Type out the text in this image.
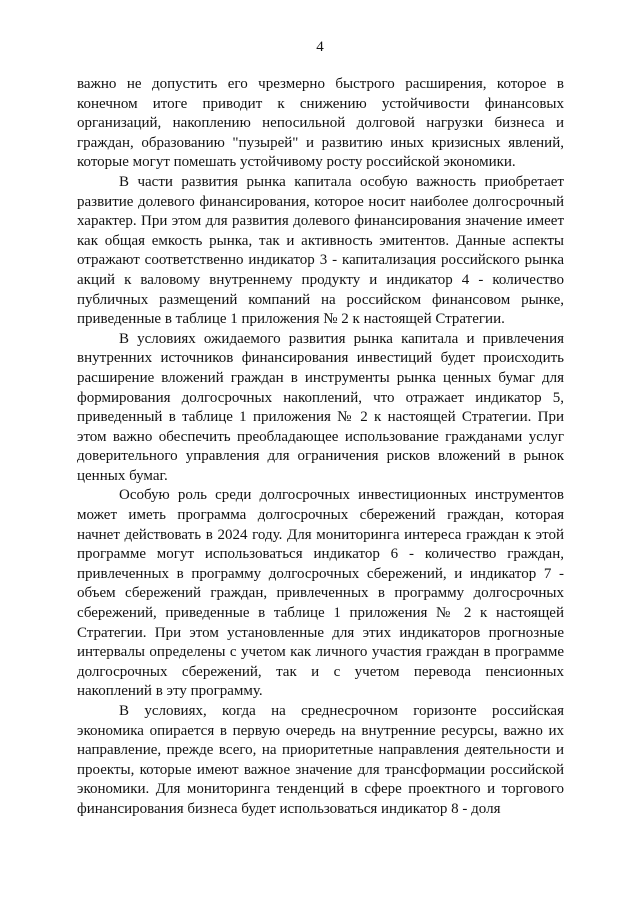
4

важно не допустить его чрезмерно быстрого расширения, которое в конечном итоге приводит к снижению устойчивости финансовых организаций, накоплению непосильной долговой нагрузки бизнеса и граждан, образованию "пузырей" и развитию иных кризисных явлений, которые могут помешать устойчивому росту российской экономики.

В части развития рынка капитала особую важность приобретает развитие долевого финансирования, которое носит наиболее долгосрочный характер. При этом для развития долевого финансирования значение имеет как общая емкость рынка, так и активность эмитентов. Данные аспекты отражают соответственно индикатор 3 - капитализация российского рынка акций к валовому внутреннему продукту и индикатор 4 - количество публичных размещений компаний на российском финансовом рынке, приведенные в таблице 1 приложения № 2 к настоящей Стратегии.

В условиях ожидаемого развития рынка капитала и привлечения внутренних источников финансирования инвестиций будет происходить расширение вложений граждан в инструменты рынка ценных бумаг для формирования долгосрочных накоплений, что отражает индикатор 5, приведенный в таблице 1 приложения № 2 к настоящей Стратегии. При этом важно обеспечить преобладающее использование гражданами услуг доверительного управления для ограничения рисков вложений в рынок ценных бумаг.

Особую роль среди долгосрочных инвестиционных инструментов может иметь программа долгосрочных сбережений граждан, которая начнет действовать в 2024 году. Для мониторинга интереса граждан к этой программе могут использоваться индикатор 6 - количество граждан, привлеченных в программу долгосрочных сбережений, и индикатор 7 - объем сбережений граждан, привлеченных в программу долгосрочных сбережений, приведенные в таблице 1 приложения № 2 к настоящей Стратегии. При этом установленные для этих индикаторов прогнозные интервалы определены с учетом как личного участия граждан в программе долгосрочных сбережений, так и с учетом перевода пенсионных накоплений в эту программу.

В условиях, когда на среднесрочном горизонте российская экономика опирается в первую очередь на внутренние ресурсы, важно их направление, прежде всего, на приоритетные направления деятельности и проекты, которые имеют важное значение для трансформации российской экономики. Для мониторинга тенденций в сфере проектного и торгового финансирования бизнеса будет использоваться индикатор 8 - доля
